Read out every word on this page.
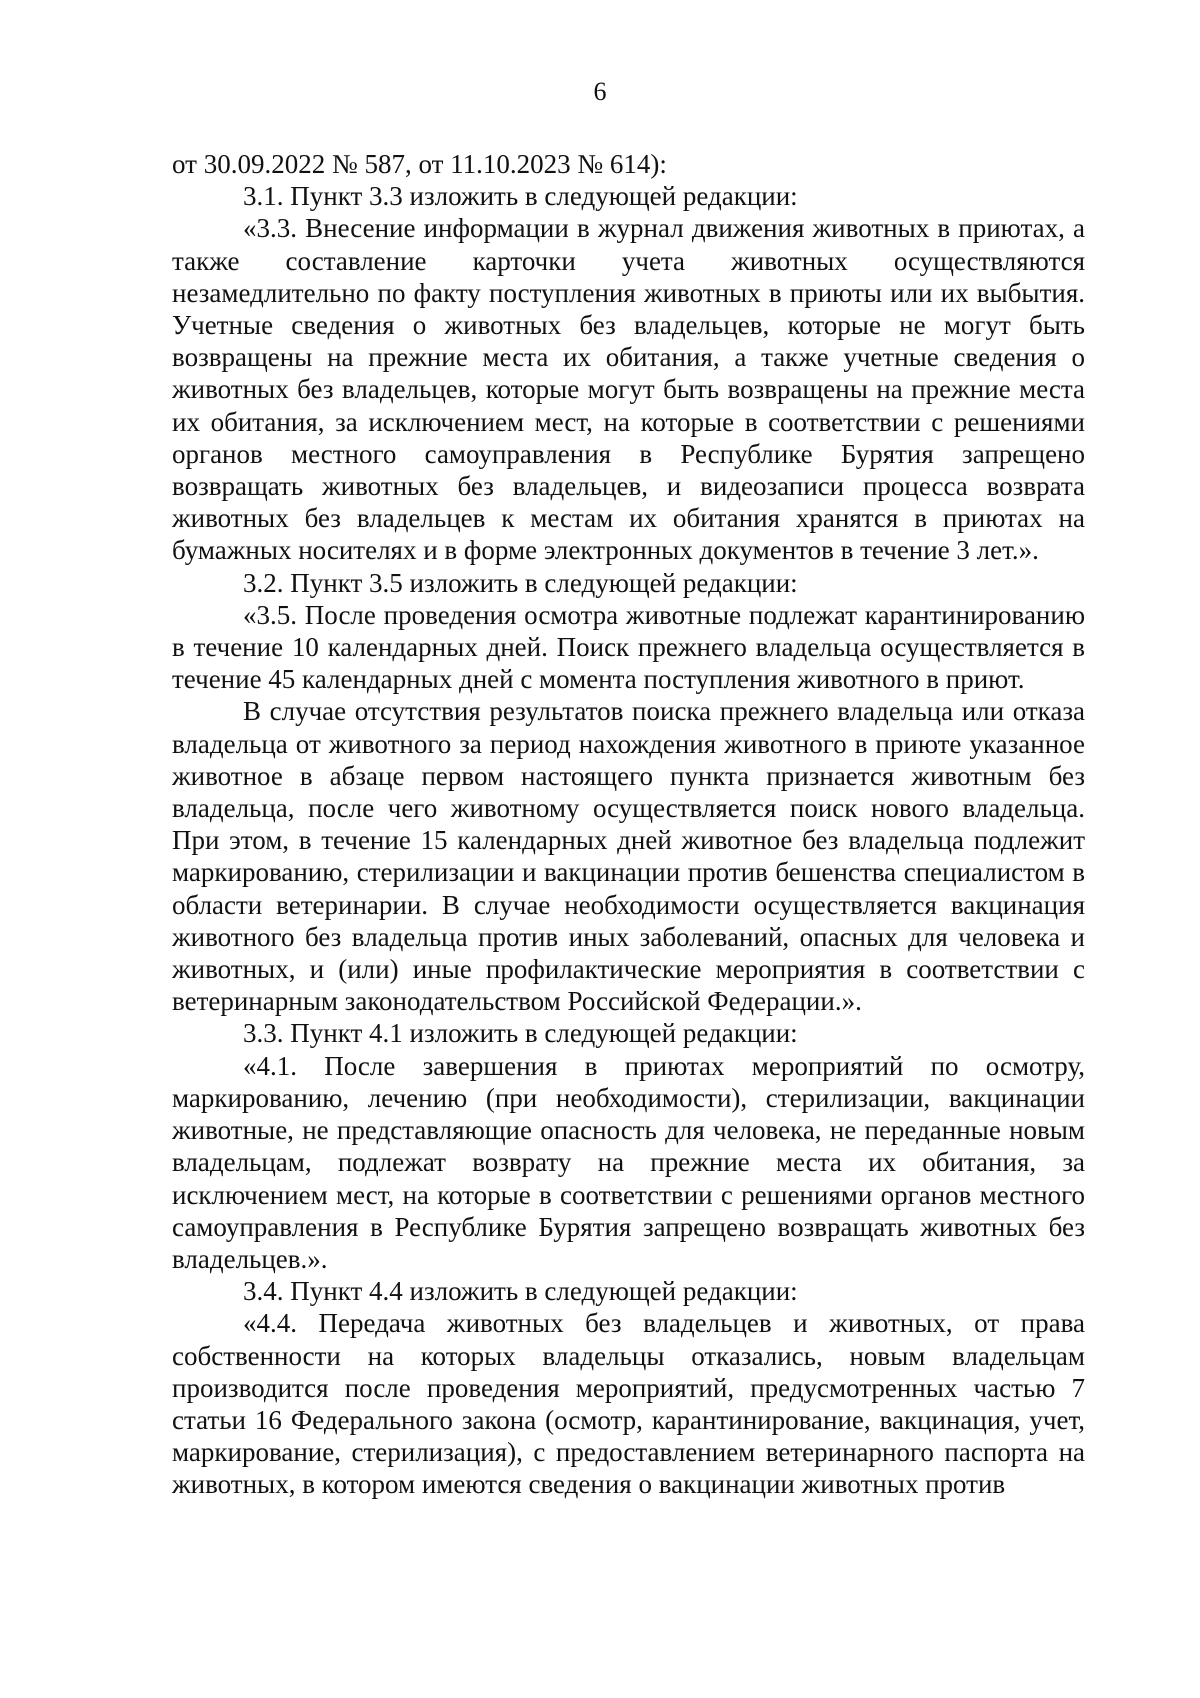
6

от 30.09.2022 № 587, от 11.10.2023 № 614):

3.1. Пункт 3.3 изложить в следующей редакции:

«3.3. Внесение информации в журнал движения животных в приютах, а также составление карточки учета животных осуществляются незамедлительно по факту поступления животных в приюты или их выбытия. Учетные сведения о животных без владельцев, которые не могут быть возвращены на прежние места их обитания, а также учетные сведения о животных без владельцев, которые могут быть возвращены на прежние места их обитания, за исключением мест, на которые в соответствии с решениями органов местного самоуправления в Республике Бурятия запрещено возвращать животных без владельцев, и видеозаписи процесса возврата животных без владельцев к местам их обитания хранятся в приютах на бумажных носителях и в форме электронных документов в течение 3 лет.».

3.2. Пункт 3.5 изложить в следующей редакции:

«3.5. После проведения осмотра животные подлежат карантинированию в течение 10 календарных дней. Поиск прежнего владельца осуществляется в течение 45 календарных дней с момента поступления животного в приют.

В случае отсутствия результатов поиска прежнего владельца или отказа владельца от животного за период нахождения животного в приюте указанное животное в абзаце первом настоящего пункта признается животным без владельца, после чего животному осуществляется поиск нового владельца. При этом, в течение 15 календарных дней животное без владельца подлежит маркированию, стерилизации и вакцинации против бешенства специалистом в области ветеринарии. В случае необходимости осуществляется вакцинация животного без владельца против иных заболеваний, опасных для человека и животных, и (или) иные профилактические мероприятия в соответствии с ветеринарным законодательством Российской Федерации.».

3.3. Пункт 4.1 изложить в следующей редакции:

«4.1. После завершения в приютах мероприятий по осмотру, маркированию, лечению (при необходимости), стерилизации, вакцинации животные, не представляющие опасность для человека, не переданные новым владельцам, подлежат возврату на прежние места их обитания, за исключением мест, на которые в соответствии с решениями органов местного самоуправления в Республике Бурятия запрещено возвращать животных без владельцев.».

3.4. Пункт 4.4 изложить в следующей редакции:

«4.4. Передача животных без владельцев и животных, от права собственности на которых владельцы отказались, новым владельцам производится после проведения мероприятий, предусмотренных частью 7 статьи 16 Федерального закона (осмотр, карантинирование, вакцинация, учет, маркирование, стерилизация), с предоставлением ветеринарного паспорта на животных, в котором имеются сведения о вакцинации животных против
